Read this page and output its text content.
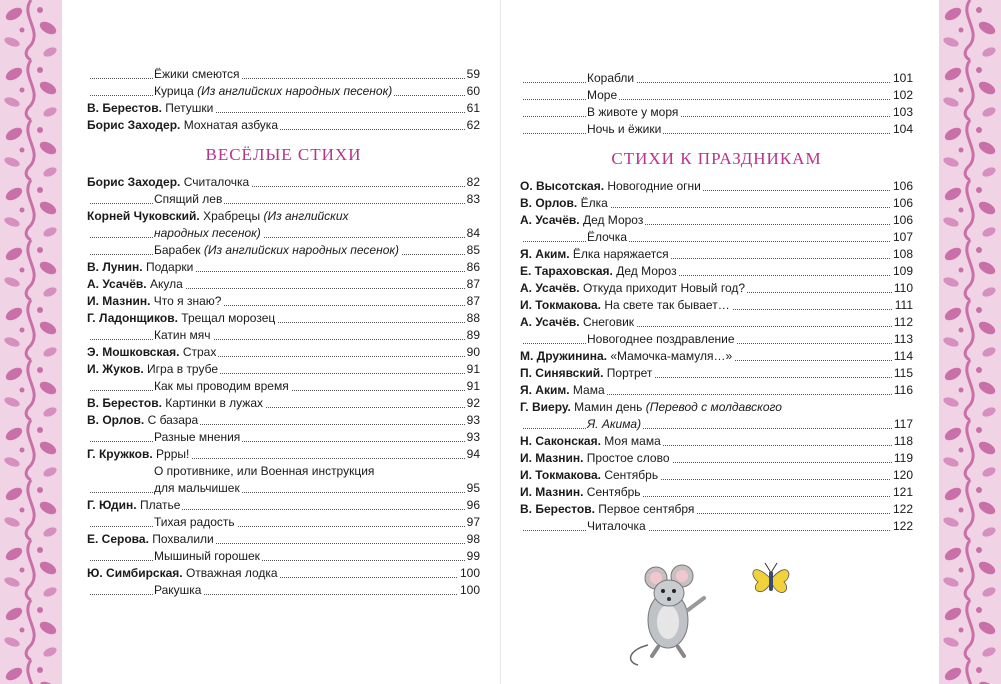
Ёжики смеются	59
Курица (Из английских народных песенок)	60
В. Берестов. Петушки	61
Борис Заходер. Мохнатая азбука	62
ВЕСЁЛЫЕ СТИХИ
Борис Заходер. Считалочка	82
Спящий лев	83
Корней Чуковский. Храбрецы (Из английских
народных песенок)	84
Барабек (Из английских народных песенок)	85
В. Лунин. Подарки	86
А. Усачёв. Акула	87
И. Мазнин. Что я знаю?	87
Г. Ладонщиков. Трещал морозец	88
Катин мяч	89
Э. Мошковская. Страх	90
И. Жуков. Игра в трубе	91
Как мы проводим время	91
В. Берестов. Картинки в лужах	92
В. Орлов. С базара	93
Разные мнения	93
Г. Кружков. Ррры!	94
О противнике, или Военная инструкция
для мальчишек	95
Г. Юдин. Платье	96
Тихая радость	97
Е. Серова. Похвалили	98
Мышиный горошек	99
Ю. Симбирская. Отважная лодка	100
Ракушка	100
Корабли	101
Море	102
В животе у моря	103
Ночь и ёжики	104
СТИХИ К ПРАЗДНИКАМ
О. Высотская. Новогодние огни	106
В. Орлов. Ёлка	106
А. Усачёв. Дед Мороз	106
Ёлочка	107
Я. Аким. Ёлка наряжается	108
Е. Тараховская. Дед Мороз	109
А. Усачёв. Откуда приходит Новый год?	110
И. Токмакова. На свете так бывает…	111
А. Усачёв. Снеговик	112
Новогоднее поздравление	113
М. Дружинина. «Мамочка-мамуля…»	114
П. Синявский. Портрет	115
Я. Аким. Мама	116
Г. Виеру. Мамин день (Перевод с молдавского
Я. Акима)	117
Н. Саконская. Моя мама	118
И. Мазнин. Простое слово	119
И. Токмакова. Сентябрь	120
И. Мазнин. Сентябрь	121
В. Берестов. Первое сентября	122
Читалочка	122
